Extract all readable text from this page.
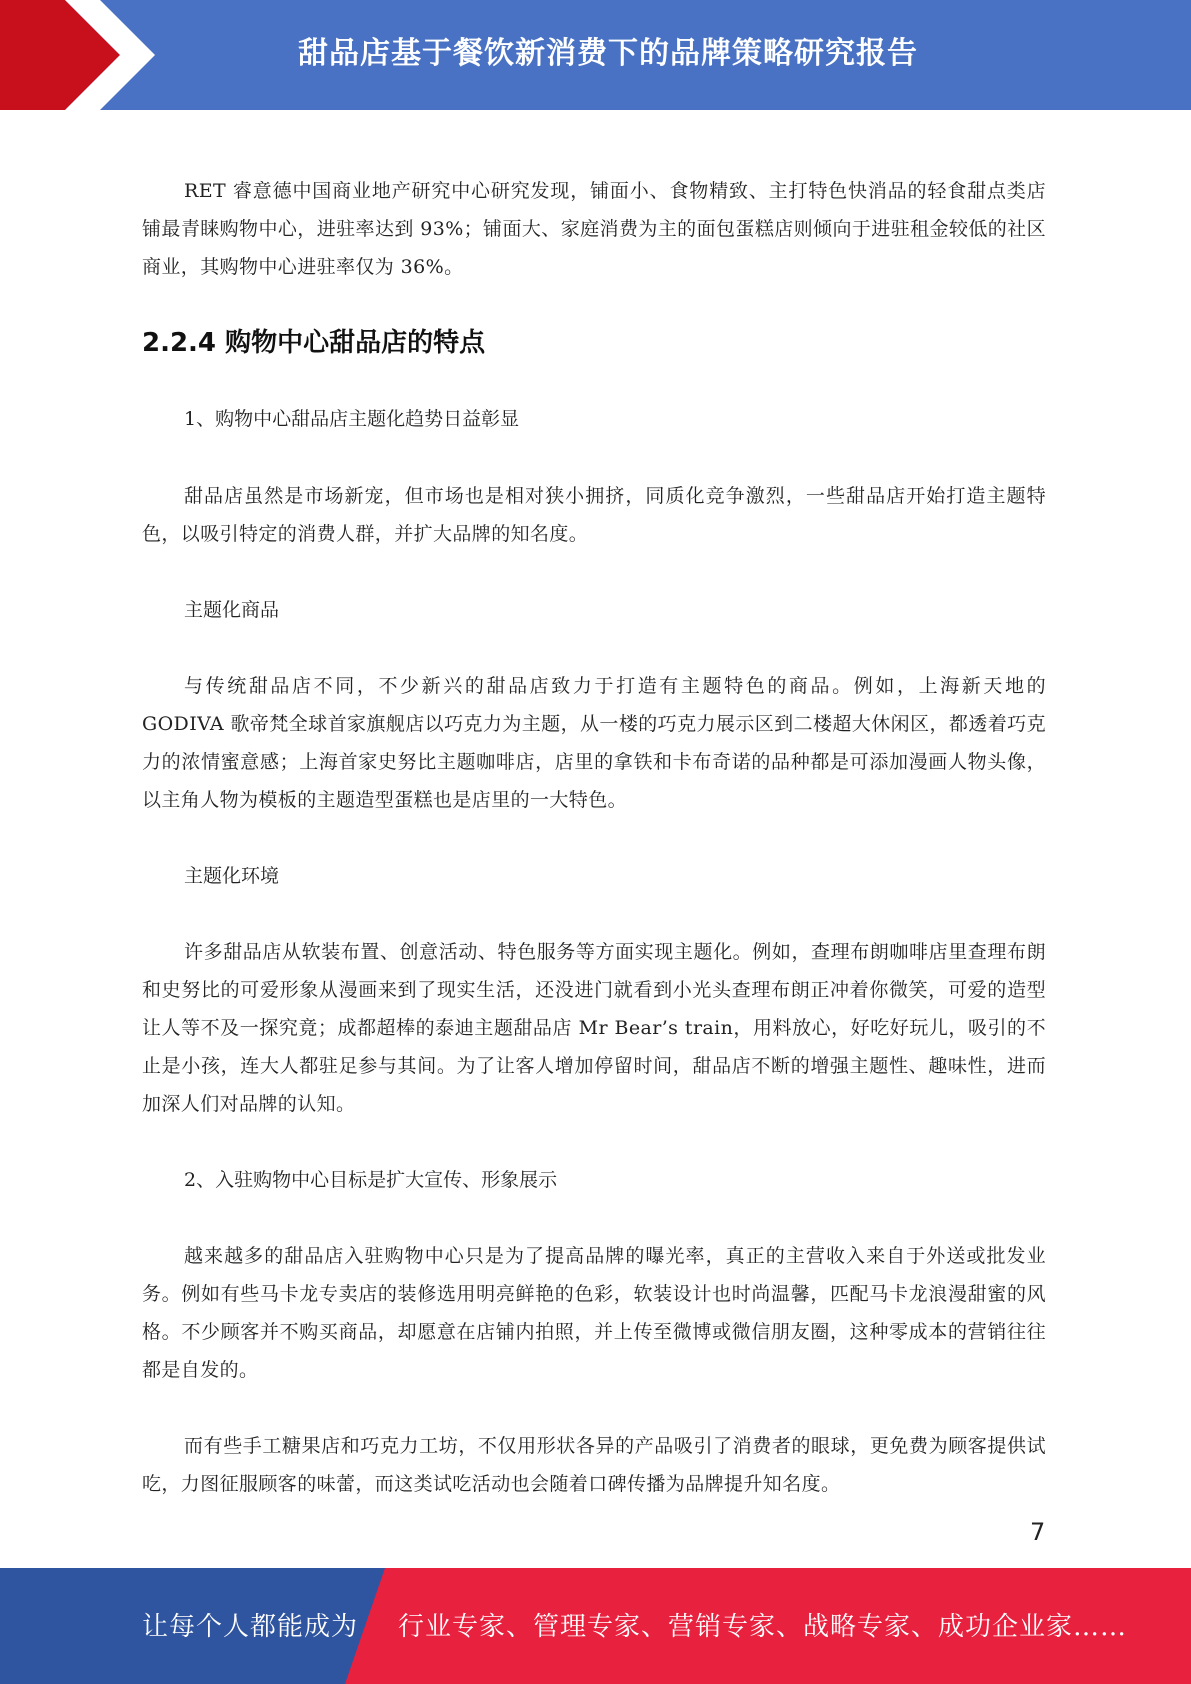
甜品店基于餐饮新消费下的品牌策略研究报告

RET 睿意德中国商业地产研究中心研究发现，铺面小、食物精致、主打特色快消品的轻食甜点类店铺最青睐购物中心，进驻率达到 93%；铺面大、家庭消费为主的面包蛋糕店则倾向于进驻租金较低的社区商业，其购物中心进驻率仅为 36%。

2.2.4 购物中心甜品店的特点

1、购物中心甜品店主题化趋势日益彰显

甜品店虽然是市场新宠，但市场也是相对狭小拥挤，同质化竞争激烈，一些甜品店开始打造主题特色，以吸引特定的消费人群，并扩大品牌的知名度。

主题化商品

与传统甜品店不同，不少新兴的甜品店致力于打造有主题特色的商品。例如，上海新天地的 GODIVA 歌帝梵全球首家旗舰店以巧克力为主题，从一楼的巧克力展示区到二楼超大休闲区，都透着巧克力的浓情蜜意感；上海首家史努比主题咖啡店，店里的拿铁和卡布奇诺的品种都是可添加漫画人物头像，以主角人物为模板的主题造型蛋糕也是店里的一大特色。

主题化环境

许多甜品店从软装布置、创意活动、特色服务等方面实现主题化。例如，查理布朗咖啡店里查理布朗和史努比的可爱形象从漫画来到了现实生活，还没进门就看到小光头查理布朗正冲着你微笑，可爱的造型让人等不及一探究竟；成都超棒的泰迪主题甜品店 Mr Bear’s train，用料放心，好吃好玩儿，吸引的不止是小孩，连大人都驻足参与其间。为了让客人增加停留时间，甜品店不断的增强主题性、趣味性，进而加深人们对品牌的认知。

2、入驻购物中心目标是扩大宣传、形象展示

越来越多的甜品店入驻购物中心只是为了提高品牌的曝光率，真正的主营收入来自于外送或批发业务。例如有些马卡龙专卖店的装修选用明亮鲜艳的色彩，软装设计也时尚温馨，匹配马卡龙浪漫甜蜜的风格。不少顾客并不购买商品，却愿意在店铺内拍照，并上传至微博或微信朋友圈，这种零成本的营销往往都是自发的。

而有些手工糖果店和巧克力工坊，不仅用形状各异的产品吸引了消费者的眼球，更免费为顾客提供试吃，力图征服顾客的味蕾，而这类试吃活动也会随着口碑传播为品牌提升知名度。

7
让每个人都能成为 行业专家、管理专家、营销专家、战略专家、成功企业家……
